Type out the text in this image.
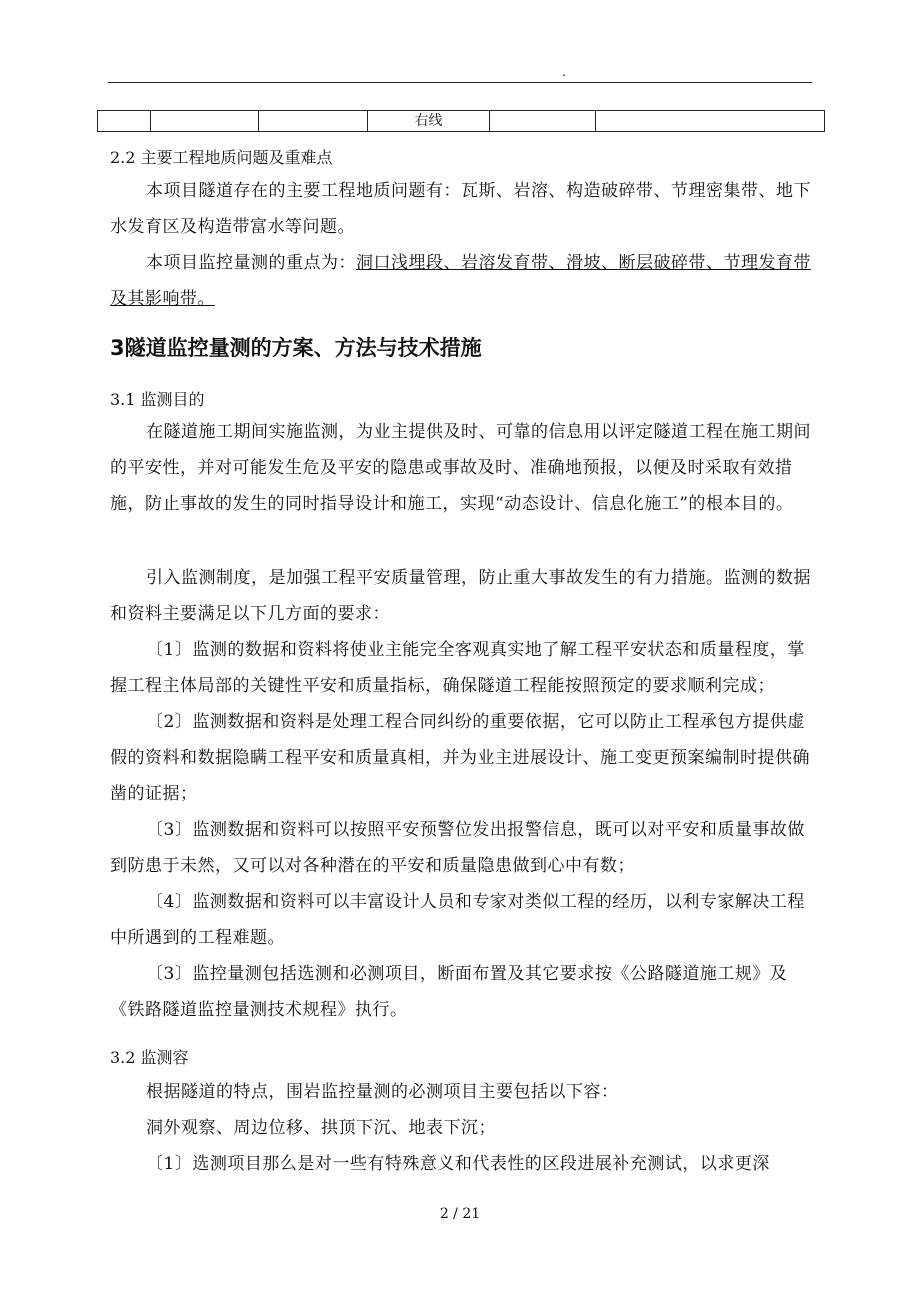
.
			右线		

2.2 主要工程地质问题及重难点

本项目隧道存在的主要工程地质问题有：瓦斯、岩溶、构造破碎带、节理密集带、地下水发育区及构造带富水等问题。

本项目监控量测的重点为：洞口浅埋段、岩溶发育带、滑坡、断层破碎带、节理发育带及其影响带。

3隧道监控量测的方案、方法与技术措施

3.1 监测目的

在隧道施工期间实施监测，为业主提供及时、可靠的信息用以评定隧道工程在施工期间的平安性，并对可能发生危及平安的隐患或事故及时、准确地预报，以便及时采取有效措施，防止事故的发生的同时指导设计和施工，实现“动态设计、信息化施工”的根本目的。

引入监测制度，是加强工程平安质量管理，防止重大事故发生的有力措施。监测的数据和资料主要满足以下几方面的要求：

〔1〕监测的数据和资料将使业主能完全客观真实地了解工程平安状态和质量程度，掌握工程主体局部的关键性平安和质量指标，确保隧道工程能按照预定的要求顺利完成；

〔2〕监测数据和资料是处理工程合同纠纷的重要依据，它可以防止工程承包方提供虚假的资料和数据隐瞒工程平安和质量真相，并为业主进展设计、施工变更预案编制时提供确凿的证据；

〔3〕监测数据和资料可以按照平安预警位发出报警信息，既可以对平安和质量事故做到防患于未然，又可以对各种潜在的平安和质量隐患做到心中有数；

〔4〕监测数据和资料可以丰富设计人员和专家对类似工程的经历，以利专家解决工程中所遇到的工程难题。

〔3〕监控量测包括选测和必测项目，断面布置及其它要求按《公路隧道施工规》及《铁路隧道监控量测技术规程》执行。

3.2 监测容

根据隧道的特点，围岩监控量测的必测项目主要包括以下容：

洞外观察、周边位移、拱顶下沉、地表下沉；

〔1〕选测项目那么是对一些有特殊意义和代表性的区段进展补充测试，以求更深

2 / 21
